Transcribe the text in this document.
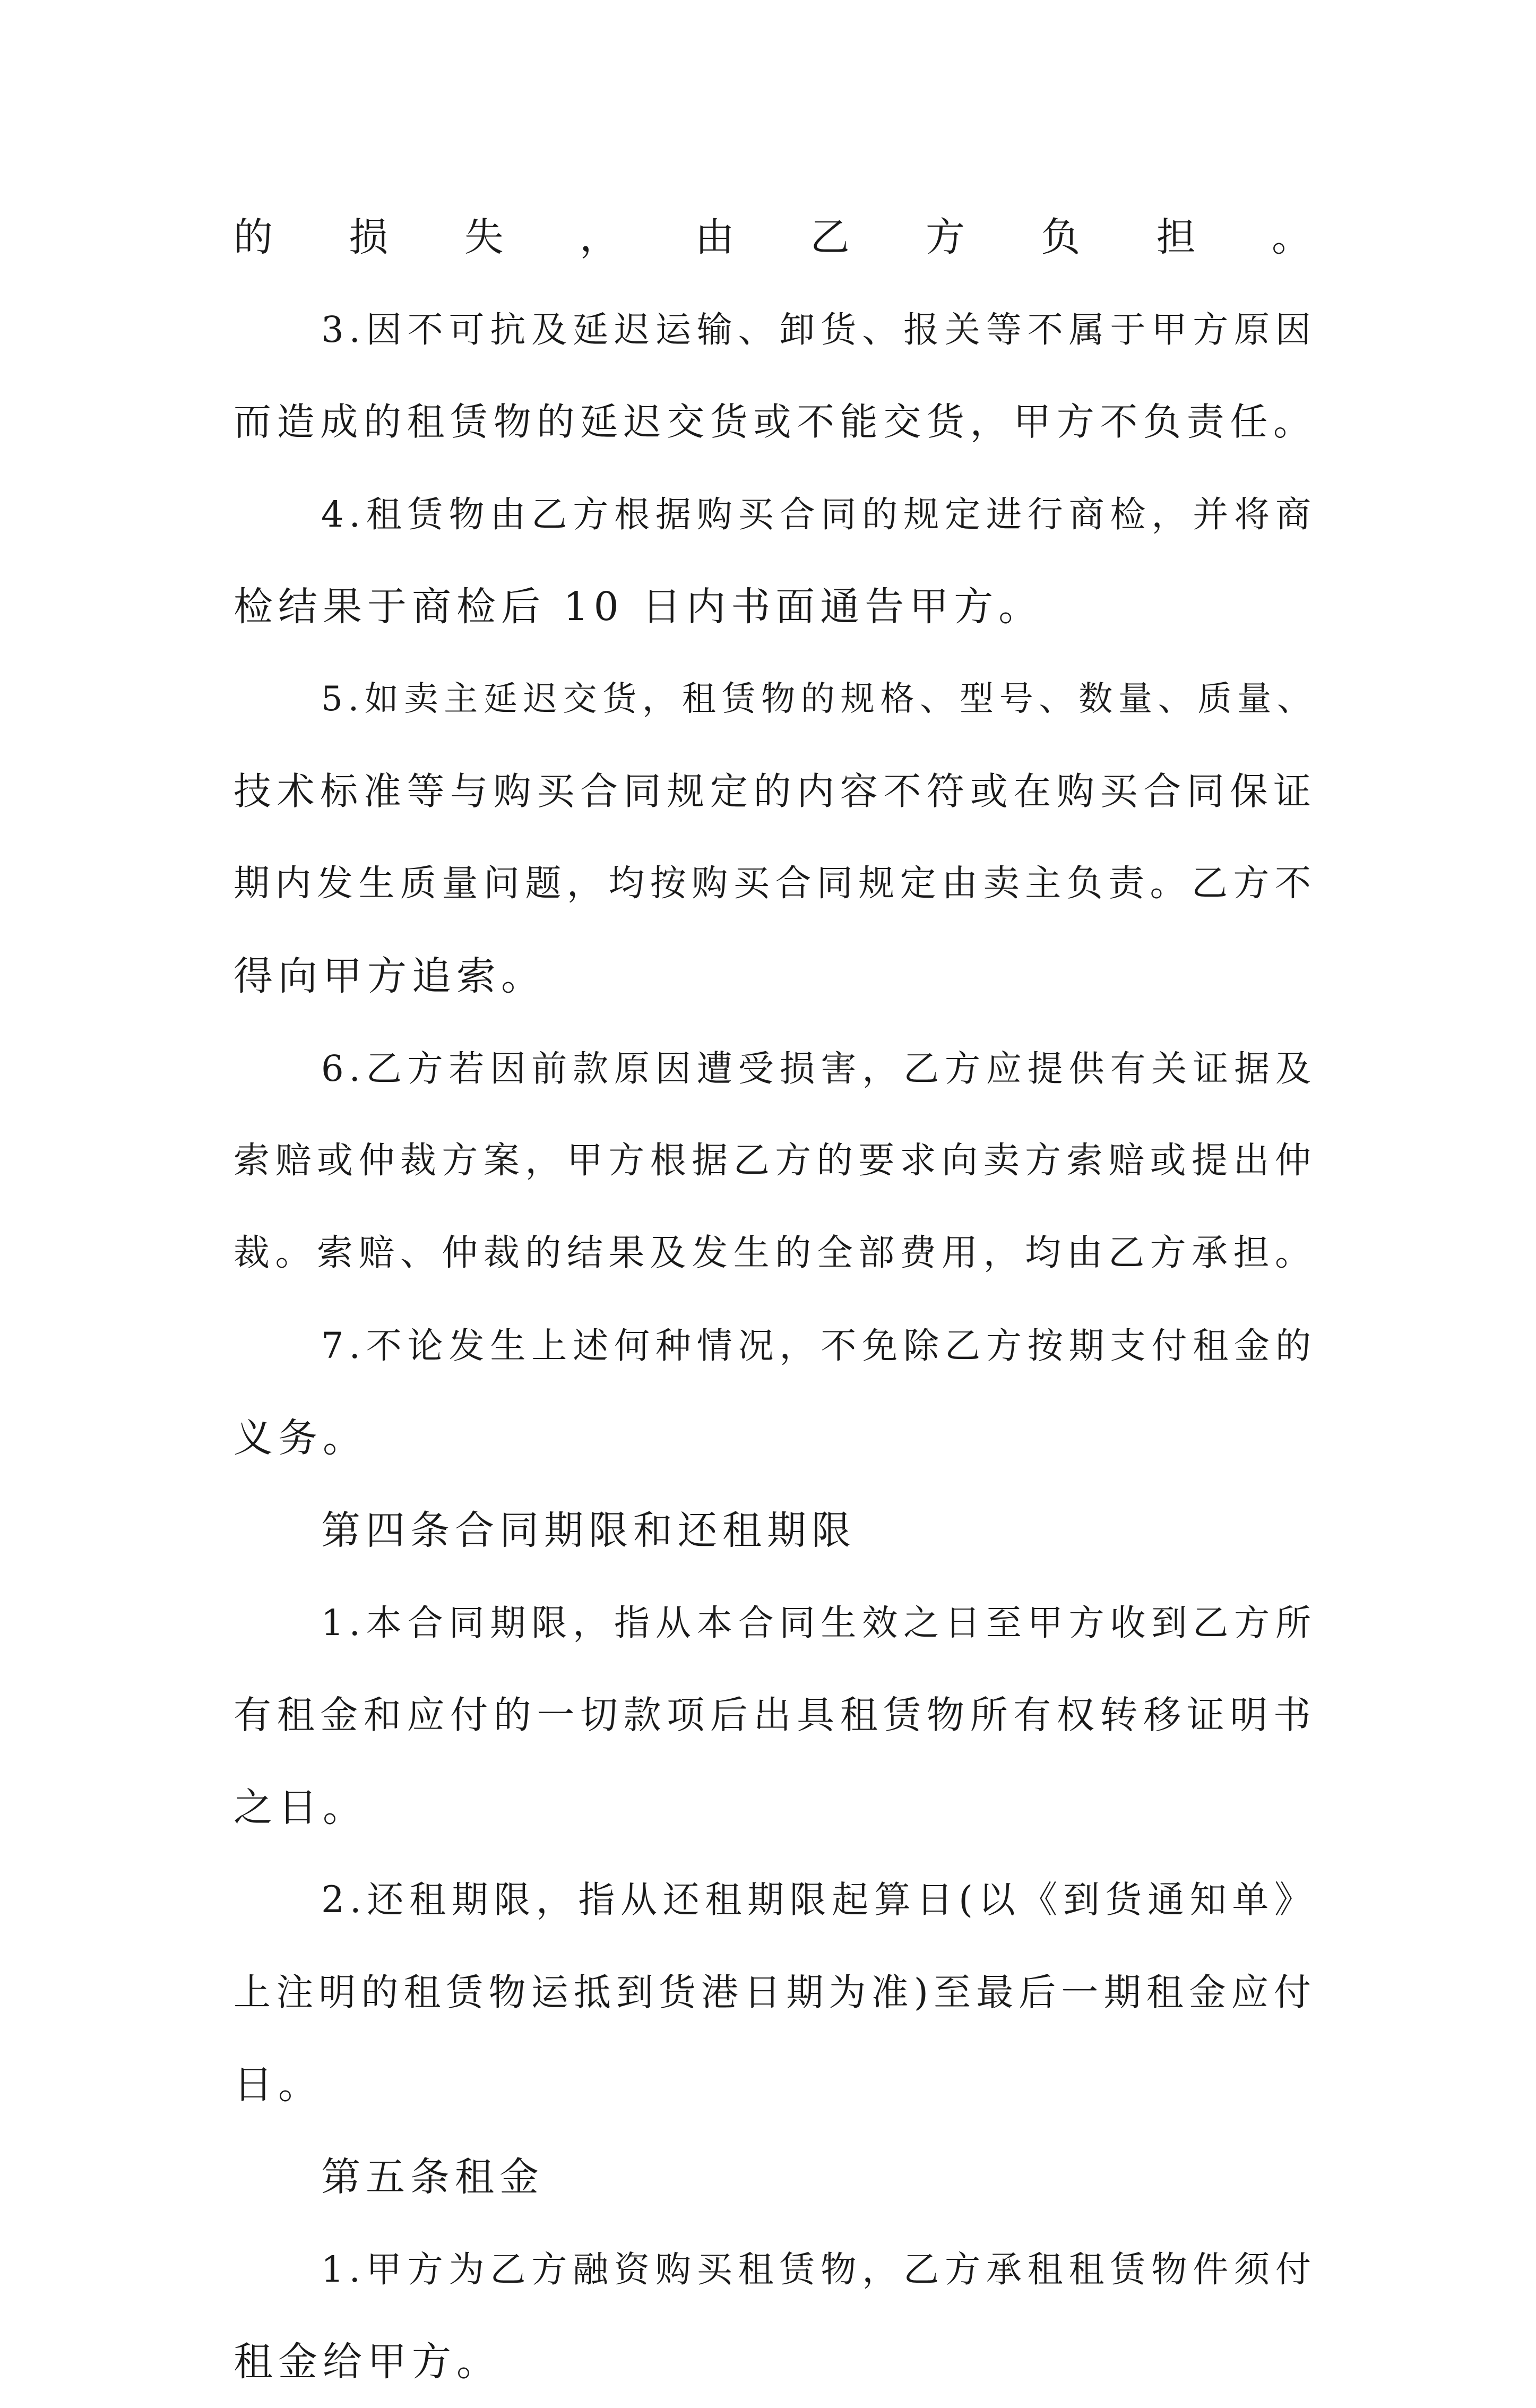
的损失，由乙方负担。
3.因不可抗及延迟运输、卸货、报关等不属于甲方原因
而造成的租赁物的延迟交货或不能交货，甲方不负责任。
4.租赁物由乙方根据购买合同的规定进行商检，并将商
检结果于商检后 10 日内书面通告甲方。
5.如卖主延迟交货，租赁物的规格、型号、数量、质量、
技术标准等与购买合同规定的内容不符或在购买合同保证
期内发生质量问题，均按购买合同规定由卖主负责。乙方不
得向甲方追索。
6.乙方若因前款原因遭受损害，乙方应提供有关证据及
索赔或仲裁方案，甲方根据乙方的要求向卖方索赔或提出仲
裁。索赔、仲裁的结果及发生的全部费用，均由乙方承担。
7.不论发生上述何种情况，不免除乙方按期支付租金的
义务。
第四条合同期限和还租期限
1.本合同期限，指从本合同生效之日至甲方收到乙方所
有租金和应付的一切款项后出具租赁物所有权转移证明书
之日。
2.还租期限，指从还租期限起算日(以《到货通知单》
上注明的租赁物运抵到货港日期为准)至最后一期租金应付
日。
第五条租金
1.甲方为乙方融资购买租赁物，乙方承租租赁物件须付
租金给甲方。
